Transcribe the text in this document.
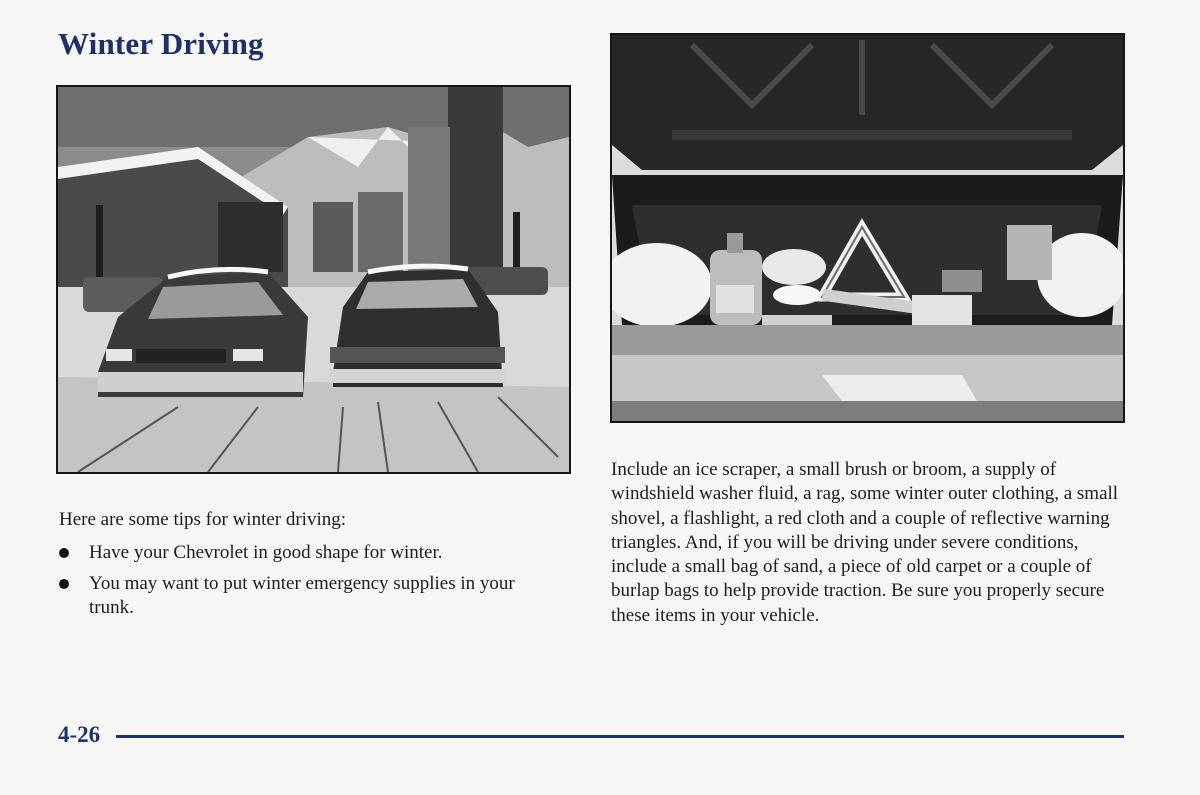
Winter Driving
Here are some tips for winter driving:
Have your Chevrolet in good shape for winter.
You may want to put winter emergency supplies in your trunk.

Include an ice scraper, a small brush or broom, a supply of windshield washer fluid, a rag, some winter outer clothing, a small shovel, a flashlight, a red cloth and a couple of reflective warning triangles. And, if you will be driving under severe conditions, include a small bag of sand, a piece of old carpet or a couple of burlap bags to help provide traction. Be sure you properly secure these items in your vehicle.

4-26
